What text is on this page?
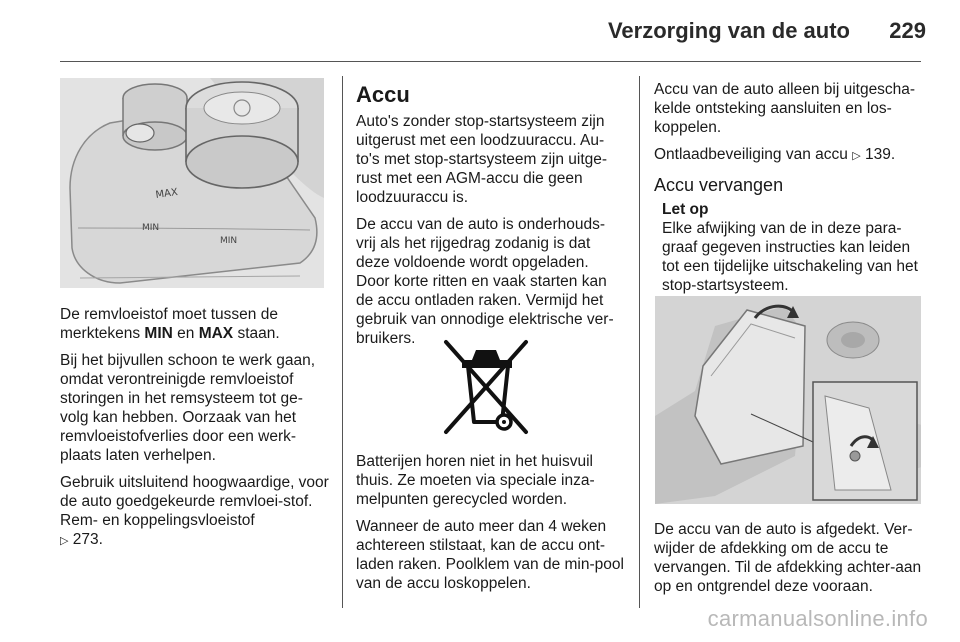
Verzorging van de auto	229
MAX
MIN
MIN

De remvloeistof moet tussen de merktekens MIN en MAX staan.

Bij het bijvullen schoon te werk gaan, omdat verontreinigde remvloeistof storingen in het remsysteem tot ge-volg kan hebben. Oorzaak van het remvloeistofverlies door een werk-plaats laten verhelpen.

Gebruik uitsluitend hoogwaardige, voor de auto goedgekeurde remvloei-stof. Rem- en koppelingsvloeistof
▷ 273.

Accu

Auto's zonder stop-startsysteem zijn uitgerust met een loodzuuraccu. Au-to's met stop-startsysteem zijn uitge-rust met een AGM-accu die geen loodzuuraccu is.

De accu van de auto is onderhouds-vrij als het rijgedrag zodanig is dat deze voldoende wordt opgeladen. Door korte ritten en vaak starten kan de accu ontladen raken. Vermijd het gebruik van onnodige elektrische ver-bruikers.

Batterijen horen niet in het huisvuil thuis. Ze moeten via speciale inza-melpunten gerecycled worden.

Wanneer de auto meer dan 4 weken achtereen stilstaat, kan de accu ont-laden raken. Poolklem van de min-pool van de accu loskoppelen.

Accu van de auto alleen bij uitgescha-kelde ontsteking aansluiten en los-koppelen.

Ontlaadbeveiliging van accu ▷ 139.

Accu vervangen
Let op
Elke afwijking van de in deze para-graaf gegeven instructies kan leiden tot een tijdelijke uitschakeling van het stop-startsysteem.

De accu van de auto is afgedekt. Ver-wijder de afdekking om de accu te vervangen. Til de afdekking achter-aan op en ontgrendel deze vooraan.

carmanualsonline.info
